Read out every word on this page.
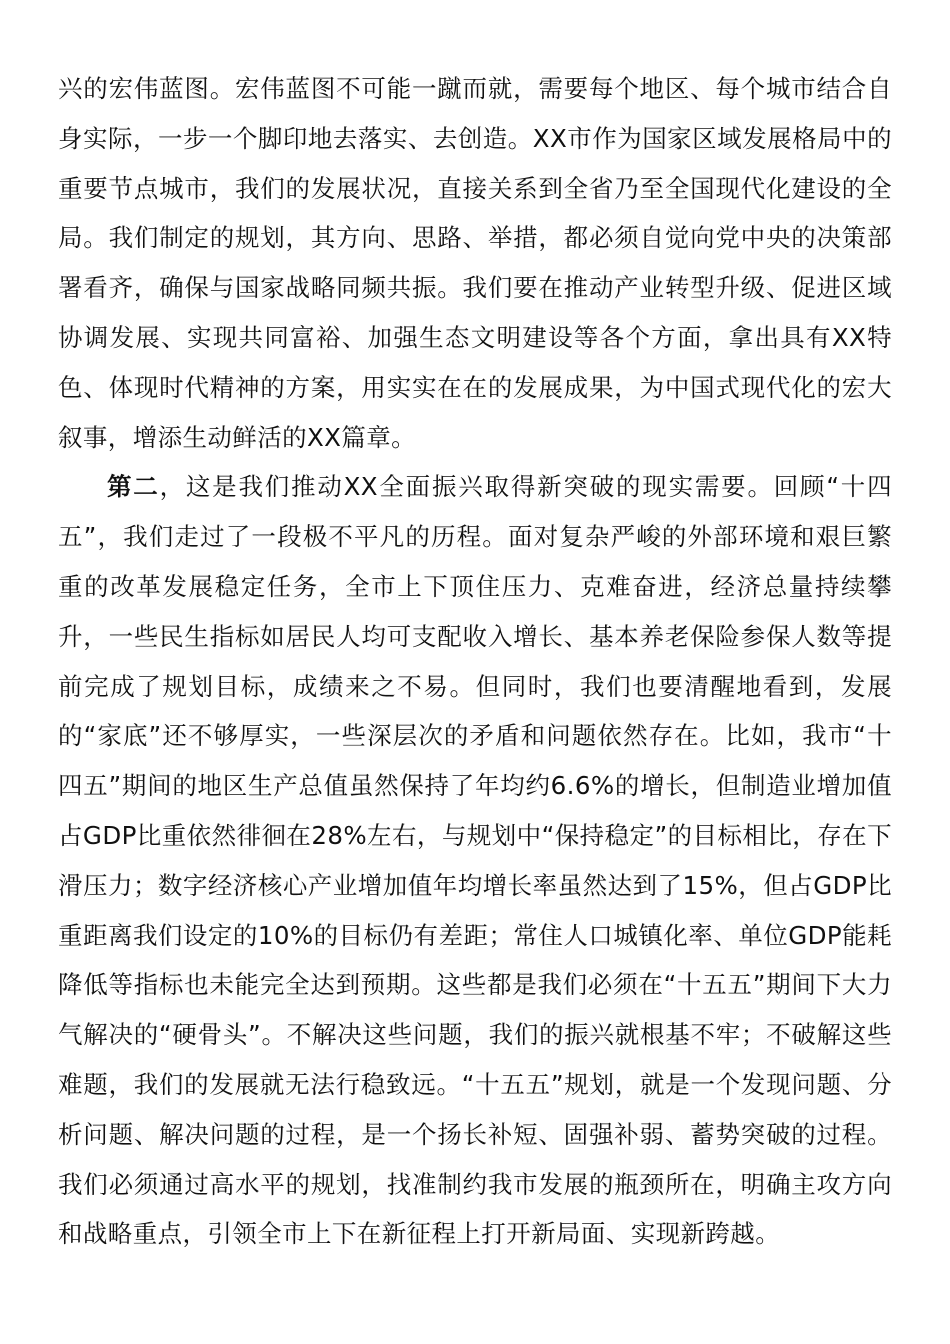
兴的宏伟蓝图。宏伟蓝图不可能一蹴而就，需要每个地区、每个城市结合自身实际，一步一个脚印地去落实、去创造。XX市作为国家区域发展格局中的重要节点城市，我们的发展状况，直接关系到全省乃至全国现代化建设的全局。我们制定的规划，其方向、思路、举措，都必须自觉向党中央的决策部署看齐，确保与国家战略同频共振。我们要在推动产业转型升级、促进区域协调发展、实现共同富裕、加强生态文明建设等各个方面，拿出具有XX特色、体现时代精神的方案，用实实在在的发展成果，为中国式现代化的宏大叙事，增添生动鲜活的XX篇章。

第二，这是我们推动XX全面振兴取得新突破的现实需要。回顾“十四五”，我们走过了一段极不平凡的历程。面对复杂严峻的外部环境和艰巨繁重的改革发展稳定任务，全市上下顶住压力、克难奋进，经济总量持续攀升，一些民生指标如居民人均可支配收入增长、基本养老保险参保人数等提前完成了规划目标，成绩来之不易。但同时，我们也要清醒地看到，发展的“家底”还不够厚实，一些深层次的矛盾和问题依然存在。比如，我市“十四五”期间的地区生产总值虽然保持了年均约6.6%的增长，但制造业增加值占GDP比重依然徘徊在28%左右，与规划中“保持稳定”的目标相比，存在下滑压力；数字经济核心产业增加值年均增长率虽然达到了15%，但占GDP比重距离我们设定的10%的目标仍有差距；常住人口城镇化率、单位GDP能耗降低等指标也未能完全达到预期。这些都是我们必须在“十五五”期间下大力气解决的“硬骨头”。不解决这些问题，我们的振兴就根基不牢；不破解这些难题，我们的发展就无法行稳致远。“十五五”规划，就是一个发现问题、分析问题、解决问题的过程，是一个扬长补短、固强补弱、蓄势突破的过程。我们必须通过高水平的规划，找准制约我市发展的瓶颈所在，明确主攻方向和战略重点，引领全市上下在新征程上打开新局面、实现新跨越。
